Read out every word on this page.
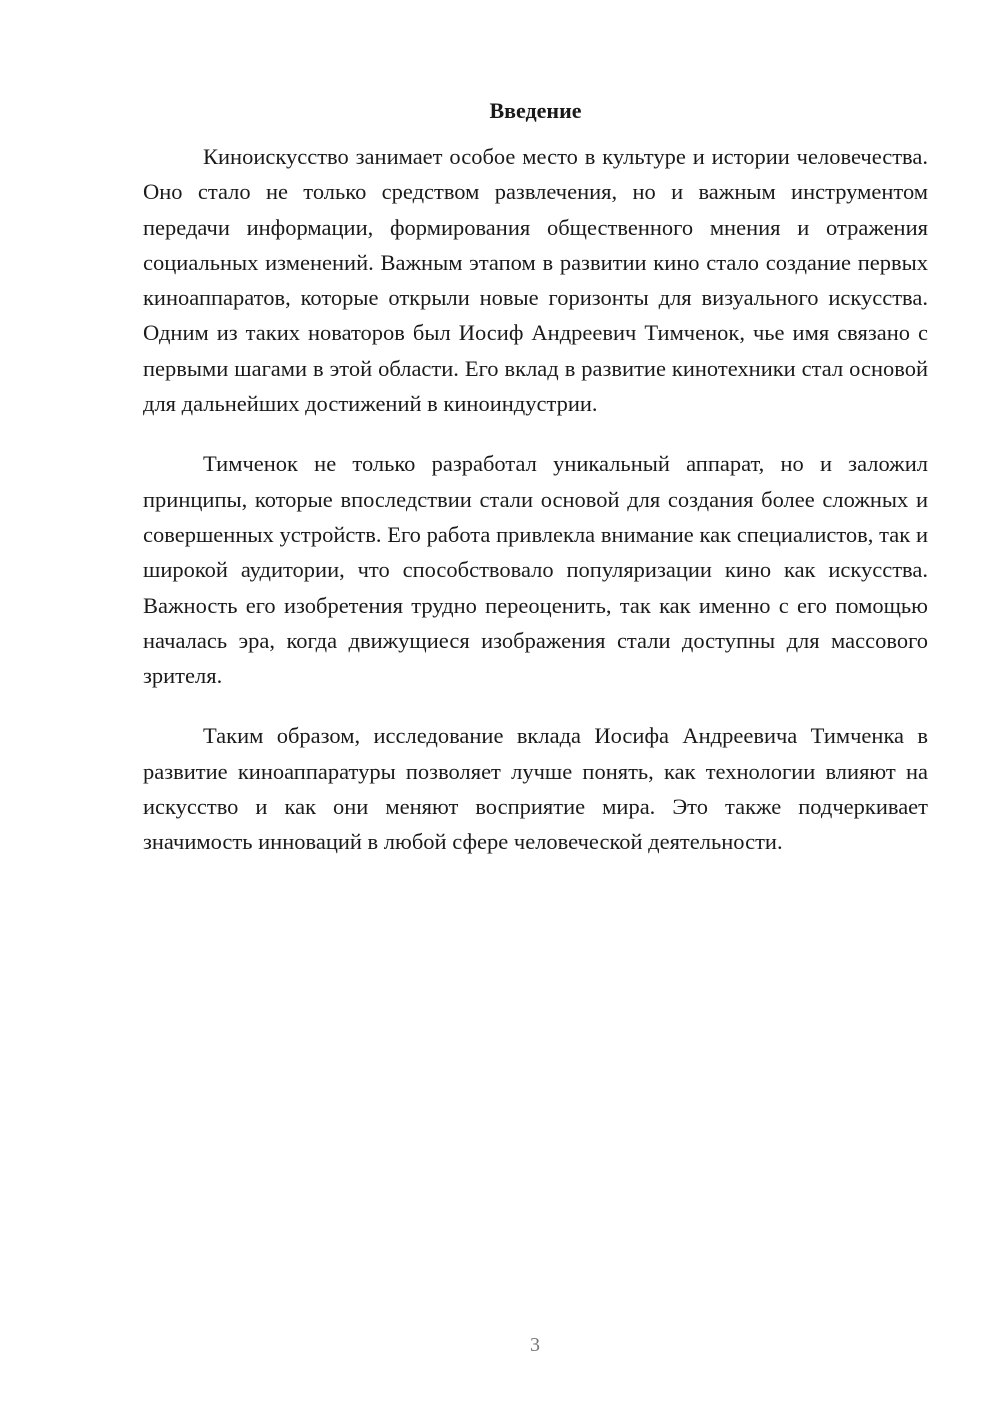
Введение

Киноискусство занимает особое место в культуре и истории человечества. Оно стало не только средством развлечения, но и важным инструментом передачи информации, формирования общественного мнения и отражения социальных изменений. Важным этапом в развитии кино стало создание первых киноаппаратов, которые открыли новые горизонты для визуального искусства. Одним из таких новаторов был Иосиф Андреевич Тимченок, чье имя связано с первыми шагами в этой области. Его вклад в развитие кинотехники стал основой для дальнейших достижений в киноиндустрии.

Тимченок не только разработал уникальный аппарат, но и заложил принципы, которые впоследствии стали основой для создания более сложных и совершенных устройств. Его работа привлекла внимание как специалистов, так и широкой аудитории, что способствовало популяризации кино как искусства. Важность его изобретения трудно переоценить, так как именно с его помощью началась эра, когда движущиеся изображения стали доступны для массового зрителя.

Таким образом, исследование вклада Иосифа Андреевича Тимченка в развитие киноаппаратуры позволяет лучше понять, как технологии влияют на искусство и как они меняют восприятие мира. Это также подчеркивает значимость инноваций в любой сфере человеческой деятельности.

3
